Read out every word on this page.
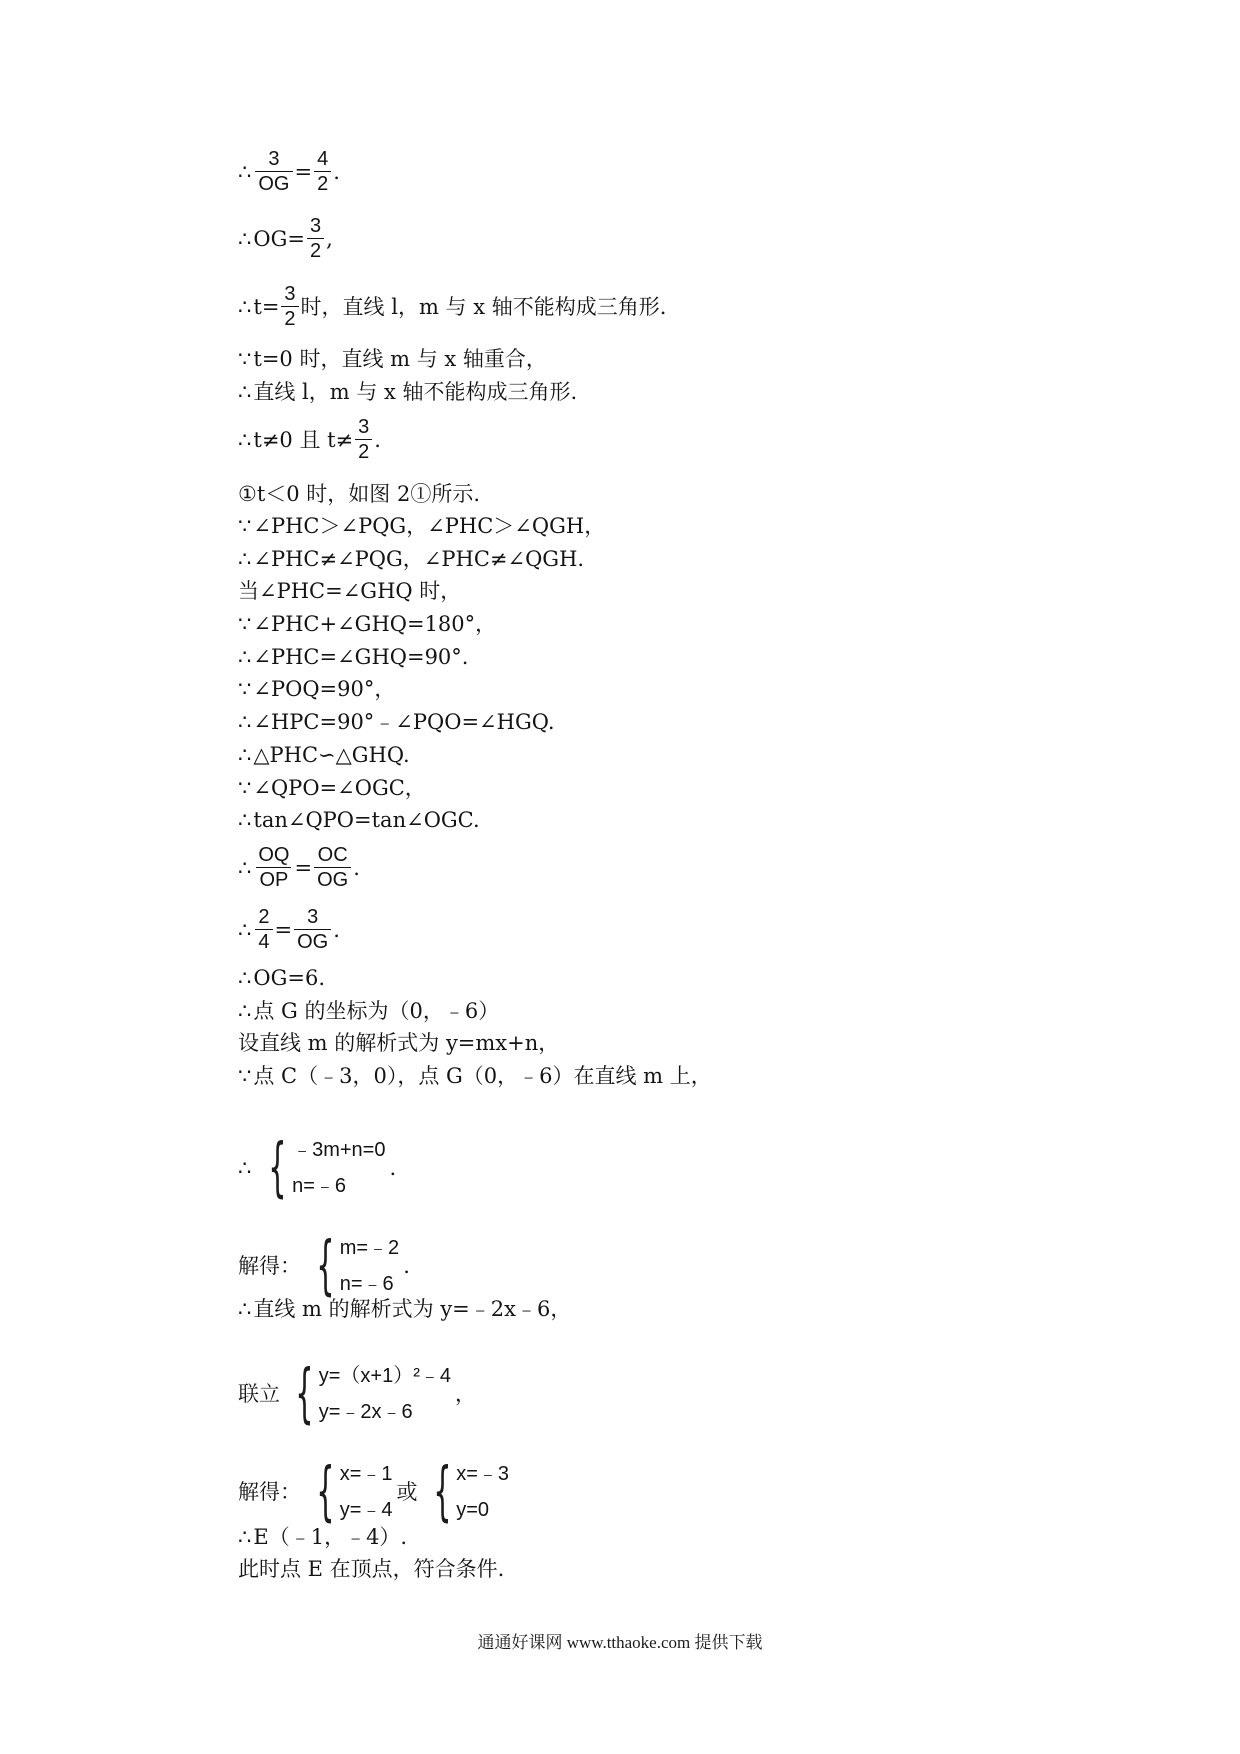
∴ $\frac{3}{OG} = \frac{4}{2}$ .
∴ $OG= \frac{3}{2}$ ,
∴ $t= \frac{3}{2}$ 时，直线 l，m 与 x 轴不能构成三角形.
∵ t=0 时，直线 m 与 x 轴重合，
∴ 直线 l，m 与 x 轴不能构成三角形.
∴ t≠0 且 $t\ne \frac{3}{2}$ .
①t＜0 时，如图 2①所示.
∵ ∠PHC＞∠PQG，∠PHC＞∠QGH，
∴ ∠PHC≠∠PQG，∠PHC≠∠QGH.
当∠PHC=∠GHQ 时，
∵ ∠PHC+∠GHQ=180°，
∴ ∠PHC=∠GHQ=90°.
∵ ∠POQ=90°，
∴ ∠HPC=90°﹣∠PQO=∠HGQ.
∴ △PHC∽△GHQ.
∵ ∠QPO=∠OGC，
∴ tan∠QPO=tan∠OGC.
∴ $\frac{OQ}{OP} = \frac{OC}{OG}$ .
∴ $\frac{2}{4} = \frac{3}{OG}$ .
∴ OG=6.
∴ 点 G 的坐标为（0，﹣6）
设直线 m 的解析式为 y=mx+n，
∵ 点 C（﹣3，0），点 G（0，﹣6）在直线 m 上，
∴ { ﹣3m+n=0
n=﹣6
.
解得： { m=﹣2
n=﹣6
.
∴ 直线 m 的解析式为 y=﹣2x﹣6，
联立 { y=（x+1）²﹣4
y=﹣2x﹣6
，
解得： { x=﹣1
y=﹣4
或 { x=﹣3
y=0
∴ E（﹣1，﹣4）.
此时点 E 在顶点，符合条件.
通通好课网 www.tthaoke.com 提供下载
